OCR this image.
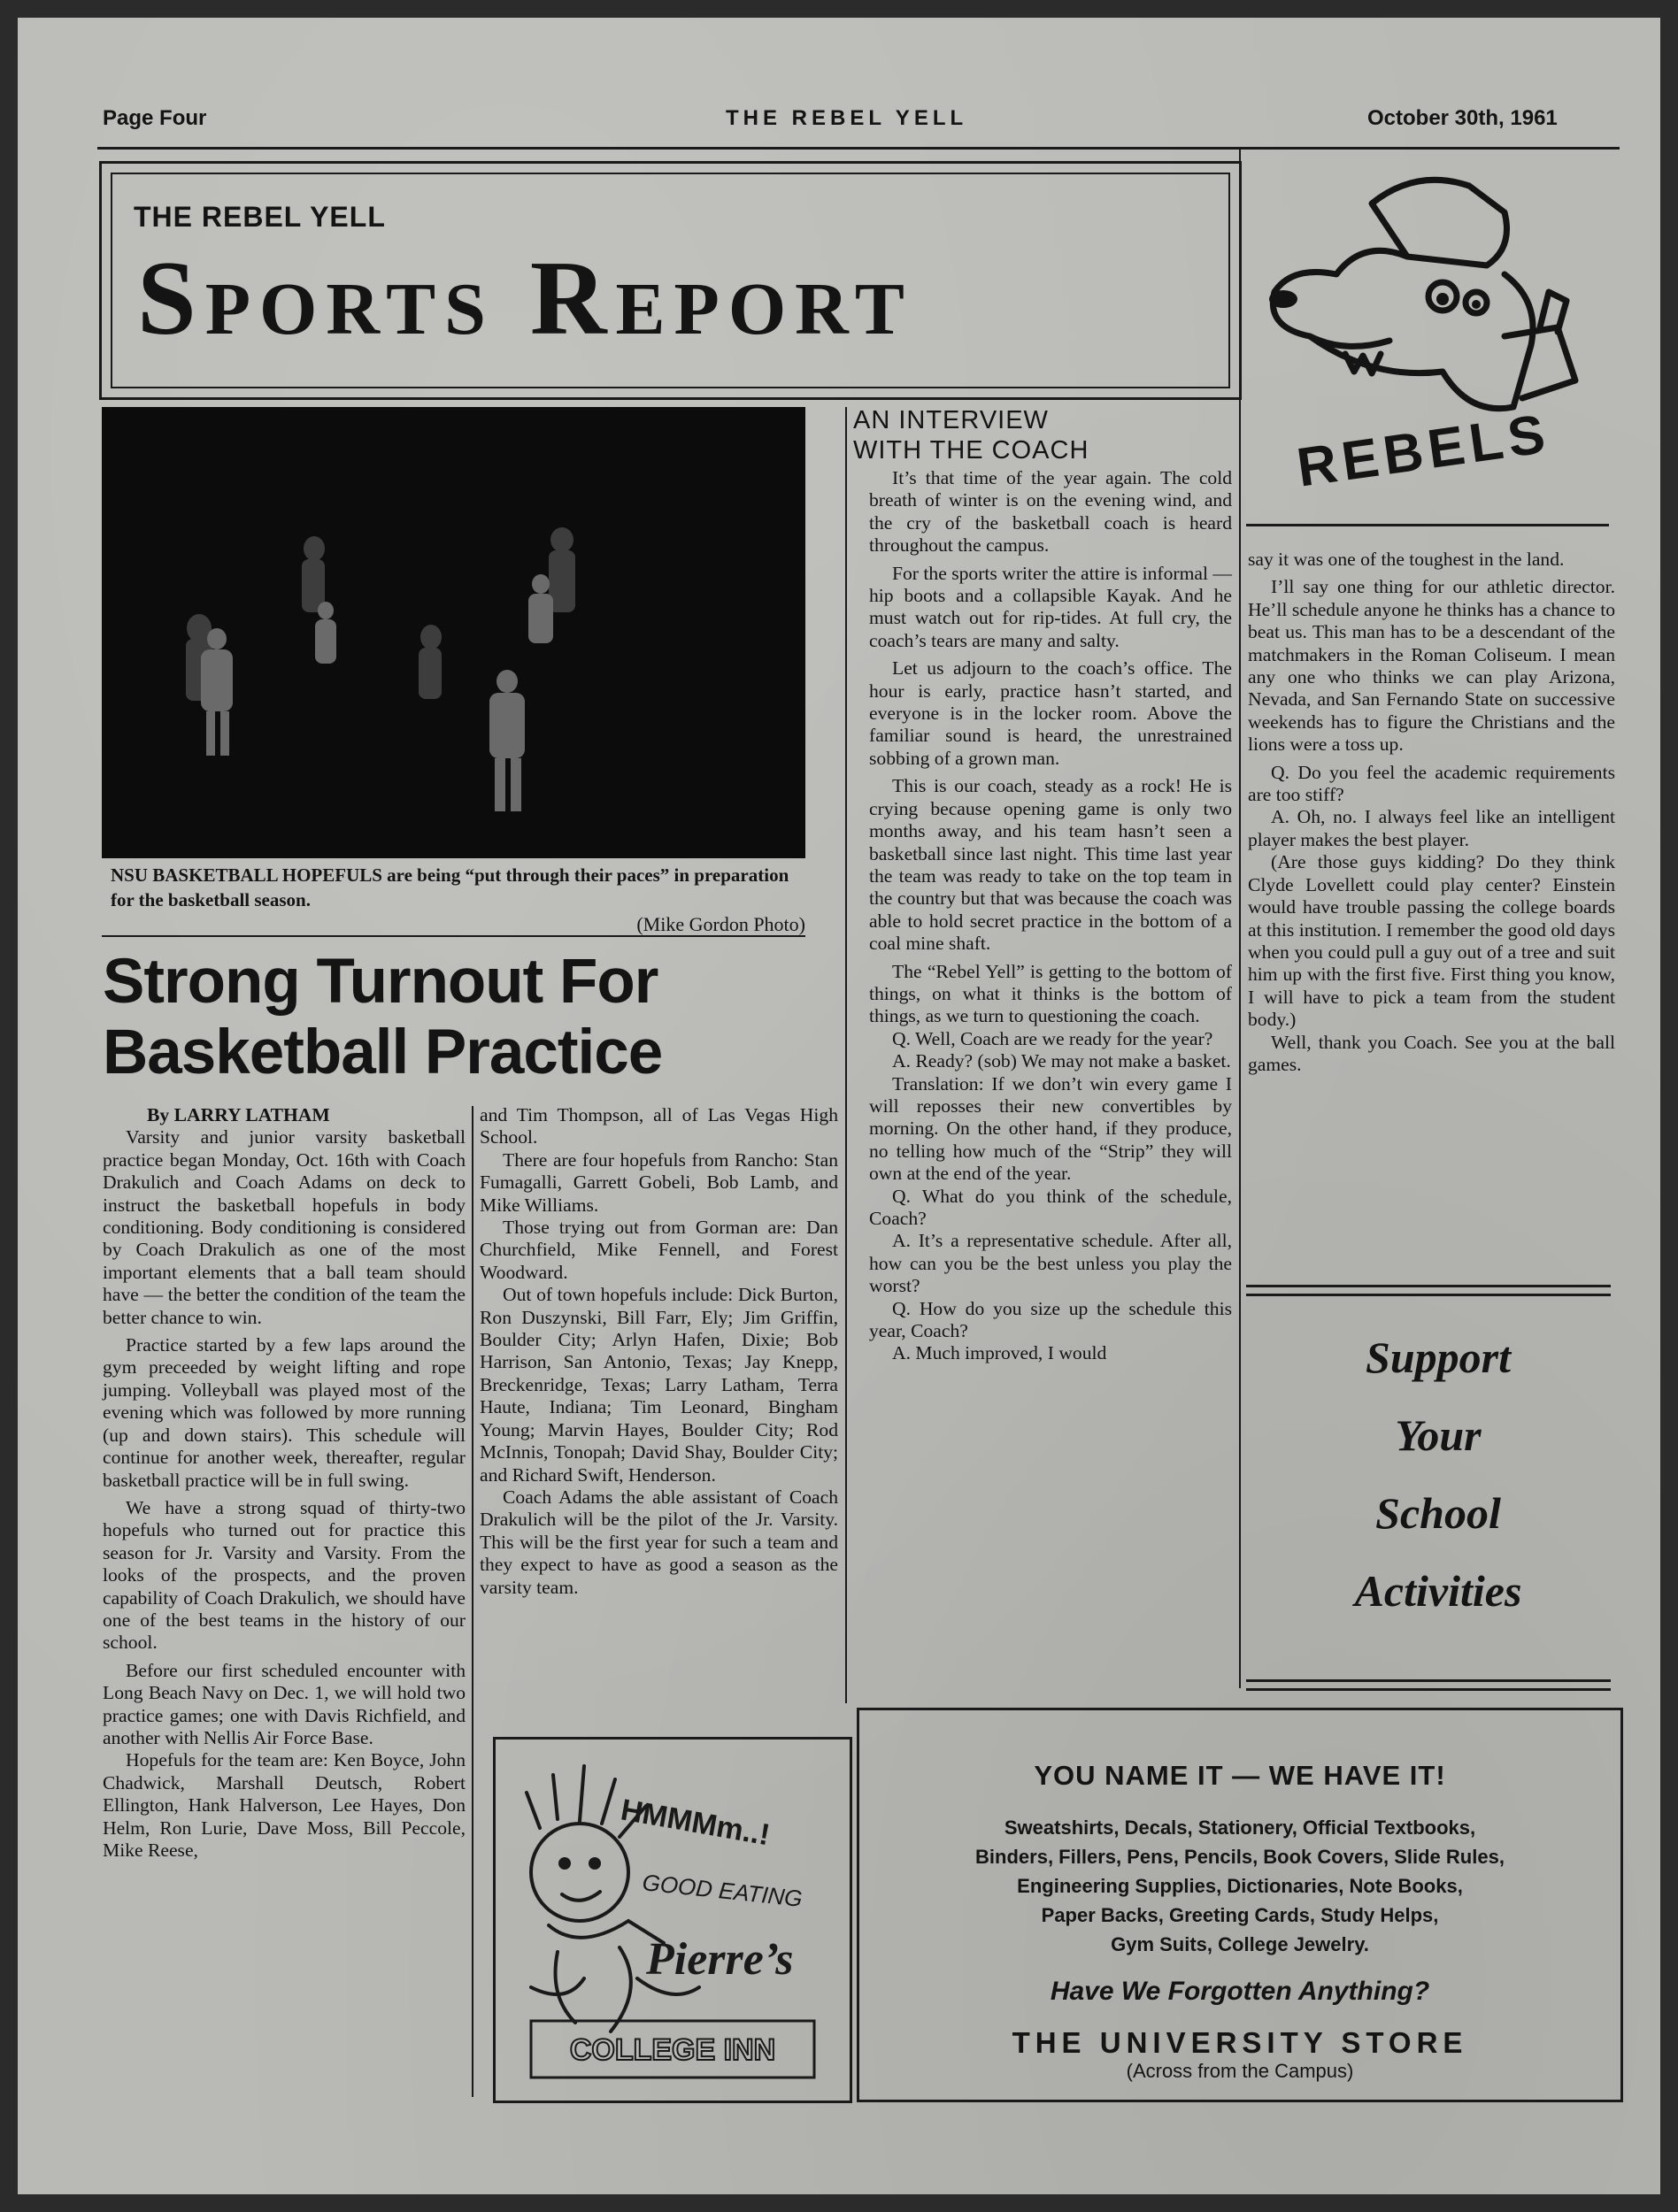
Page Four	THE REBEL YELL	October 30th, 1961
THE REBEL YELL
Sports Report
NSU BASKETBALL HOPEFULS are being “put through their paces” in preparation for the basketball season.
(Mike Gordon Photo)
Strong Turnout For Basketball Practice

By LARRY LATHAM

Varsity and junior varsity basketball practice began Monday, Oct. 16th with Coach Drakulich and Coach Adams on deck to instruct the basketball hopefuls in body conditioning. Body conditioning is considered by Coach Drakulich as one of the most important elements that a ball team should have — the better the condition of the team the better chance to win.

Practice started by a few laps around the gym preceeded by weight lifting and rope jumping. Volleyball was played most of the evening which was followed by more running (up and down stairs). This schedule will continue for another week, thereafter, regular basketball practice will be in full swing.

We have a strong squad of thirty-two hopefuls who turned out for practice this season for Jr. Varsity and Varsity. From the looks of the prospects, and the proven capability of Coach Drakulich, we should have one of the best teams in the history of our school.

Before our first scheduled encounter with Long Beach Navy on Dec. 1, we will hold two practice games; one with Davis Richfield, and another with Nellis Air Force Base.

Hopefuls for the team are: Ken Boyce, John Chadwick, Marshall Deutsch, Robert Ellington, Hank Halverson, Lee Hayes, Don Helm, Ron Lurie, Dave Moss, Bill Peccole, Mike Reese,

and Tim Thompson, all of Las Vegas High School.

There are four hopefuls from Rancho: Stan Fumagalli, Garrett Gobeli, Bob Lamb, and Mike Williams.

Those trying out from Gorman are: Dan Churchfield, Mike Fennell, and Forest Woodward.

Out of town hopefuls include: Dick Burton, Ron Duszynski, Bill Farr, Ely; Jim Griffin, Boulder City; Arlyn Hafen, Dixie; Bob Harrison, San Antonio, Texas; Jay Knepp, Breckenridge, Texas; Larry Latham, Terra Haute, Indiana; Tim Leonard, Bingham Young; Marvin Hayes, Boulder City; Rod McInnis, Tonopah; David Shay, Boulder City; and Richard Swift, Henderson.

Coach Adams the able assistant of Coach Drakulich will be the pilot of the Jr. Varsity. This will be the first year for such a team and they expect to have as good a season as the varsity team.

HMMMm..!
GOOD EATING
Pierre’s
COLLEGE INN
AN INTERVIEW
WITH THE COACH

It’s that time of the year again. The cold breath of winter is on the evening wind, and the cry of the basketball coach is heard throughout the campus.

For the sports writer the attire is informal — hip boots and a collapsible Kayak. And he must watch out for rip-tides. At full cry, the coach’s tears are many and salty.

Let us adjourn to the coach’s office. The hour is early, practice hasn’t started, and everyone is in the locker room. Above the familiar sound is heard, the unrestrained sobbing of a grown man.

This is our coach, steady as a rock! He is crying because opening game is only two months away, and his team hasn’t seen a basketball since last night. This time last year the team was ready to take on the top team in the country but that was because the coach was able to hold secret practice in the bottom of a coal mine shaft.

The “Rebel Yell” is getting to the bottom of things, on what it thinks is the bottom of things, as we turn to questioning the coach.

Q. Well, Coach are we ready for the year?

A. Ready? (sob) We may not make a basket.

Translation: If we don’t win every game I will reposses their new convertibles by morning. On the other hand, if they produce, no telling how much of the “Strip” they will own at the end of the year.

Q. What do you think of the schedule, Coach?

A. It’s a representative schedule. After all, how can you be the best unless you play the worst?

Q. How do you size up the schedule this year, Coach?

A. Much improved, I would

REBELS

say it was one of the toughest in the land.

I’ll say one thing for our athletic director. He’ll schedule anyone he thinks has a chance to beat us. This man has to be a descendant of the matchmakers in the Roman Coliseum. I mean any one who thinks we can play Arizona, Nevada, and San Fernando State on successive weekends has to figure the Christians and the lions were a toss up.

Q. Do you feel the academic requirements are too stiff?

A. Oh, no. I always feel like an intelligent player makes the best player.

(Are those guys kidding? Do they think Clyde Lovellett could play center? Einstein would have trouble passing the college boards at this institution. I remember the good old days when you could pull a guy out of a tree and suit him up with the first five. First thing you know, I will have to pick a team from the student body.)

Well, thank you Coach. See you at the ball games.

Support
Your
School
Activities
YOU NAME IT — WE HAVE IT!
Sweatshirts, Decals, Stationery, Official Textbooks,
Binders, Fillers, Pens, Pencils, Book Covers, Slide Rules,
Engineering Supplies, Dictionaries, Note Books,
Paper Backs, Greeting Cards, Study Helps,
Gym Suits, College Jewelry.
Have We Forgotten Anything?
THE UNIVERSITY STORE
(Across from the Campus)
